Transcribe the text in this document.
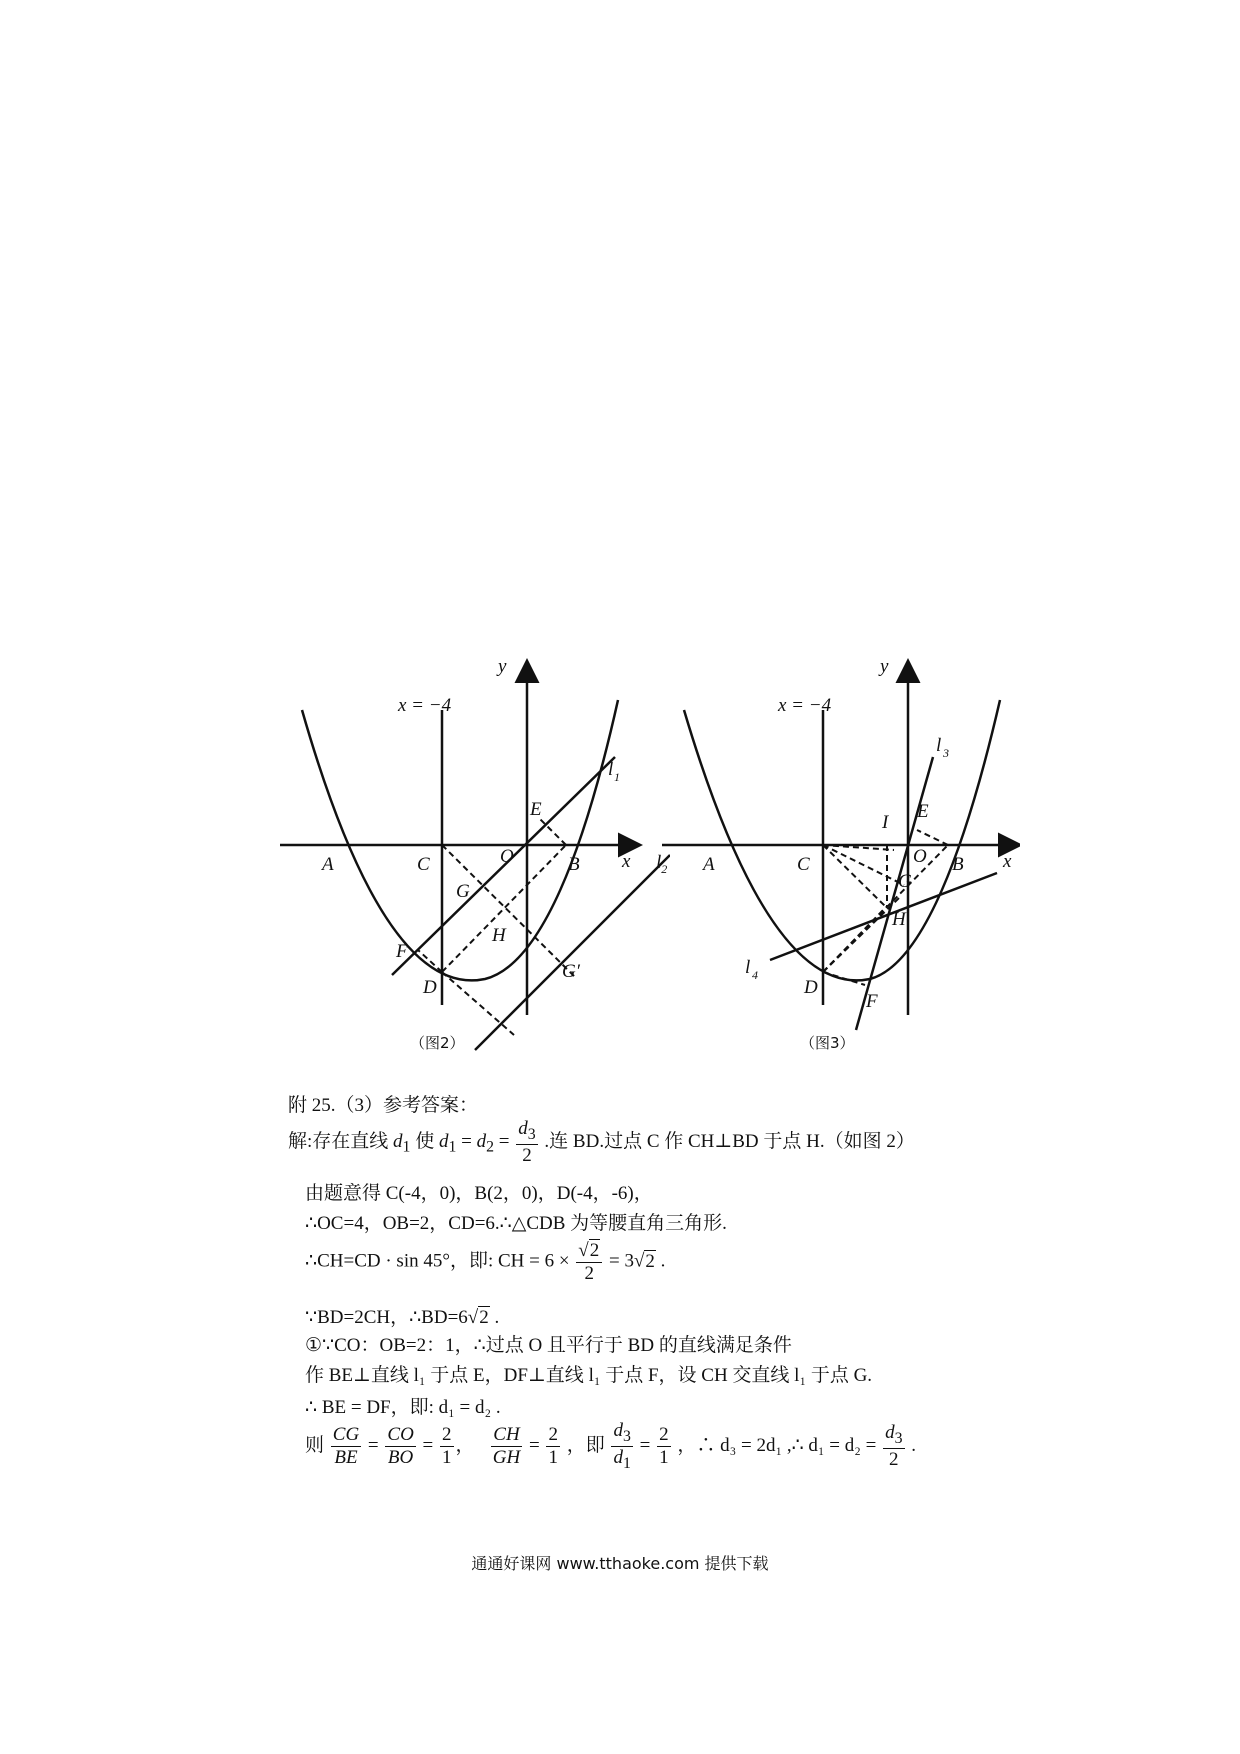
y
x
x = −4
A	C	O	B
E
G
H
F
D
G′
l 1
（图2）
$l_2$
y
x
x = −4
A	C
I
O B
E
G
H
D
F
l 3
l 4
（图3）
附 25.（3）参考答案：
解:存在直线 $d_1$ 使 $d_1 = d_2 = \frac{d_3}{2}$ .连 BD.过点 C 作 CH⊥BD 于点 H.（如图 2）
由题意得 C(-4，0)，B(2，0)，D(-4，-6)，
∴OC=4，OB=2，CD=6.∴△CDB 为等腰直角三角形.
∴CH=CD · sin 45°，即: CH = $6 \times \frac{√2}{2} = 3√2$ .
∵BD=2CH，∴BD=6√2 .
①∵CO：OB=2：1，∴过点 O 且平行于 BD 的直线满足条件
作 BE⊥直线 l₁ 于点 E，DF⊥直线 l₁ 于点 F，设 CH 交直线 l₁ 于点 G.
∴ BE = DF，即: d₁ = d₂ .
则 $\frac{CG}{BE} = \frac{CO}{BO} = \frac{2}{1}$ ， $\frac{CH}{GH} = \frac{2}{1}$ ，即 $\frac{d_3}{d_1} = \frac{2}{1}$ ，∴ d₃ = 2d₁ ,∴ $d_1 = d_2 = \frac{d_3}{2}$ .
通通好课网 www.tthaoke.com 提供下载
